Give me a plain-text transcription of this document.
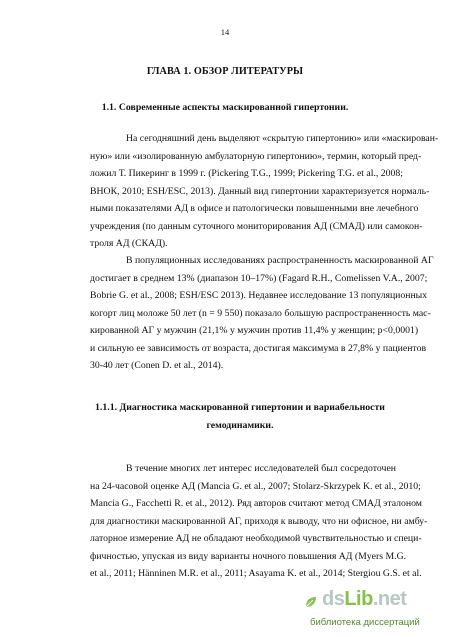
14
ГЛАВА 1. ОБЗОР ЛИТЕРАТУРЫ
1.1. Современные аспекты маскированной гипертонии.

На сегодняшний день выделяют «скрытую гипертонию» или «маскирован-
ную» или «изолированную амбулаторную гипертонию», термин, который пред-
ложил Т. Пикеринг в 1999 г. (Pickering T.G., 1999; Pickering T.G. et al., 2008;
ВНОК, 2010; ESH/ESC, 2013). Данный вид гипертонии характеризуется нормаль-
ными показателями АД в офисе и патологически повышенными вне лечебного
учреждения (по данным суточного мониторирования АД (СМАД) или самокон-
троля АД (СКАД).

В популяционных исследованиях распространенность маскированной АГ
достигает в среднем 13% (диапазон 10–17%) (Fagard R.H., Comelissen V.A., 2007;
Bobrie G. et al., 2008; ESH/ESC 2013). Недавнее исследование 13 популяционных
когорт лиц моложе 50 лет (n = 9 550) показало большую распространенность мас-
кированной АГ у мужчин (21,1% у мужчин против 11,4% у женщин; p<0,0001)
и сильную ее зависимость от возраста, достигая максимума в 27,8% у пациентов
30-40 лет (Conen D. et al., 2014).

1.1.1. Диагностика маскированной гипертонии и вариабельности
гемодинамики.

В течение многих лет интерес исследователей был сосредоточен
на 24-часовой оценке АД (Mancia G. et al., 2007; Stolarz-Skrzypek K. et al., 2010;
Mancia G., Facchetti R. et al., 2012). Ряд авторов считают метод СМАД эталоном
для диагностики маскированной АГ, приходя к выводу, что ни офисное, ни амбу-
латорное измерение АД не обладают необходимой чувствительностью и специ-
фичностью, упуская из виду варианты ночного повышения АД (Myers M.G.
et al., 2011; Hänninen M.R. et al., 2011; Asayama K. et al., 2014; Stergiou G.S. et al.

ds Lib .net
библиотека диссертаций
